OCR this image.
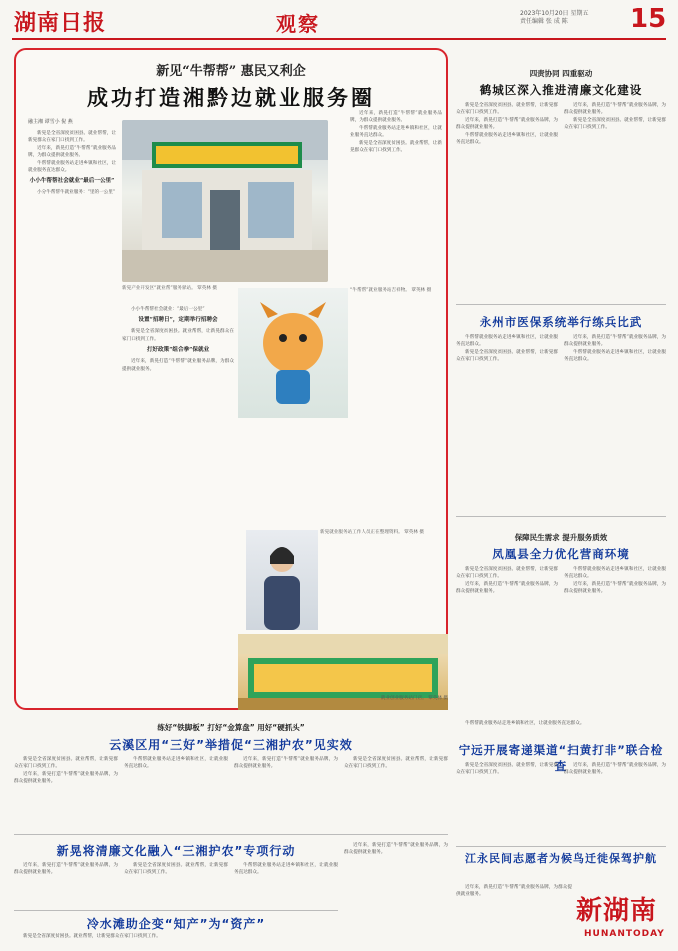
湖南日报	观察	2023年10月20日 星期五
责任编辑 张 成 陈	15
新见“牛帮帮” 惠民又利企
成功打造湘黔边就业服务圈
融主湘 谭雪小 倪 燕

新晃是全省深度贫困县。就业帮帮，让新晃群众在家门口找到工作。

近年来，新晃打造“牛帮帮”就业服务品牌，为群众提供就业服务。

牛帮帮就业服务站走进乡镇和社区，让就业服务直达群众。

小小牛帮帮社会就业“最后一公里”

小分牛帮帮牛就业服务：“里的一公里”

新晃产业开发区“就业帮”服务驿站。 覃英林 摄

小小牛帮帮社会就业：“最后一公里”

设置“招聘日”，定期举行招聘会

新晃是全省深度贫困县。就业帮帮，让新晃群众在家门口找到工作。

打好政策“组合拳”保就业

近年来，新晃打造“牛帮帮”就业服务品牌，为群众提供就业服务。

“牛帮帮”就业服务站吉祥物。 覃英林 摄

近年来，新晃打造“牛帮帮”就业服务品牌，为群众提供就业服务。

牛帮帮就业服务站走进乡镇和社区，让就业服务直达群众。

新晃是全省深度贫困县。就业帮帮，让新晃群众在家门口找到工作。

新晃就业服务站工作人员正在整理资料。 覃英林 摄
就业创业服务站门店。 覃英林 摄
四责协同 四重驱动
鹤城区深入推进清廉文化建设

新晃是全省深度贫困县。就业帮帮，让新晃群众在家门口找到工作。

近年来，新晃打造“牛帮帮”就业服务品牌，为群众提供就业服务。

牛帮帮就业服务站走进乡镇和社区，让就业服务直达群众。

近年来，新晃打造“牛帮帮”就业服务品牌，为群众提供就业服务。

新晃是全省深度贫困县。就业帮帮，让新晃群众在家门口找到工作。

永州市医保系统举行练兵比武

牛帮帮就业服务站走进乡镇和社区，让就业服务直达群众。

新晃是全省深度贫困县。就业帮帮，让新晃群众在家门口找到工作。

近年来，新晃打造“牛帮帮”就业服务品牌，为群众提供就业服务。

牛帮帮就业服务站走进乡镇和社区，让就业服务直达群众。

保障民生需求 提升服务质效
凤凰县全力优化营商环境

新晃是全省深度贫困县。就业帮帮，让新晃群众在家门口找到工作。

近年来，新晃打造“牛帮帮”就业服务品牌，为群众提供就业服务。

牛帮帮就业服务站走进乡镇和社区，让就业服务直达群众。

近年来，新晃打造“牛帮帮”就业服务品牌，为群众提供就业服务。

练好“铁脚板” 打好“金算盘” 用好“硬抓头”
云溪区用“三好”举措促“三湘护农”见实效

新晃是全省深度贫困县。就业帮帮，让新晃群众在家门口找到工作。

近年来，新晃打造“牛帮帮”就业服务品牌，为群众提供就业服务。

牛帮帮就业服务站走进乡镇和社区，让就业服务直达群众。

近年来，新晃打造“牛帮帮”就业服务品牌，为群众提供就业服务。

新晃是全省深度贫困县。就业帮帮，让新晃群众在家门口找到工作。

新晃将清廉文化融入“三湘护农”专项行动

近年来，新晃打造“牛帮帮”就业服务品牌，为群众提供就业服务。

新晃是全省深度贫困县。就业帮帮，让新晃群众在家门口找到工作。

牛帮帮就业服务站走进乡镇和社区，让就业服务直达群众。

近年来，新晃打造“牛帮帮”就业服务品牌，为群众提供就业服务。

冷水滩助企变“知产”为“资产”

新晃是全省深度贫困县。就业帮帮，让新晃群众在家门口找到工作。

牛帮帮就业服务站走进乡镇和社区，让就业服务直达群众。

宁远开展寄递渠道“扫黄打非”联合检查

新晃是全省深度贫困县。就业帮帮，让新晃群众在家门口找到工作。

近年来，新晃打造“牛帮帮”就业服务品牌，为群众提供就业服务。

江永民间志愿者为候鸟迁徙保驾护航

近年来，新晃打造“牛帮帮”就业服务品牌，为群众提供就业服务。

新湖南
HUNANTODAY
